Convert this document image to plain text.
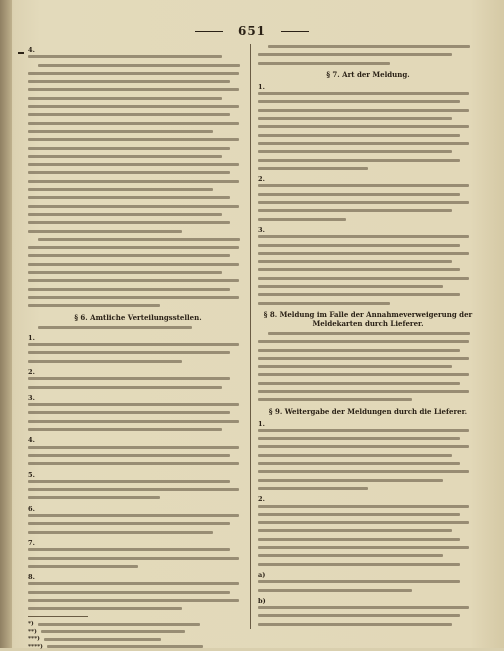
651
4.
§ 6. Amtliche Verteilungsstellen.
1.
2.
3.
4.
5.
6.
7.
8.
*)
**)
***)
****)
§ 7. Art der Meldung.
1.
2.
3.
§ 8. Meldung im Falle der Annahmeverweigerung der Meldekarten durch Lieferer.
§ 9. Weitergabe der Meldungen durch die Lieferer.
1.
2.
a)
b)
